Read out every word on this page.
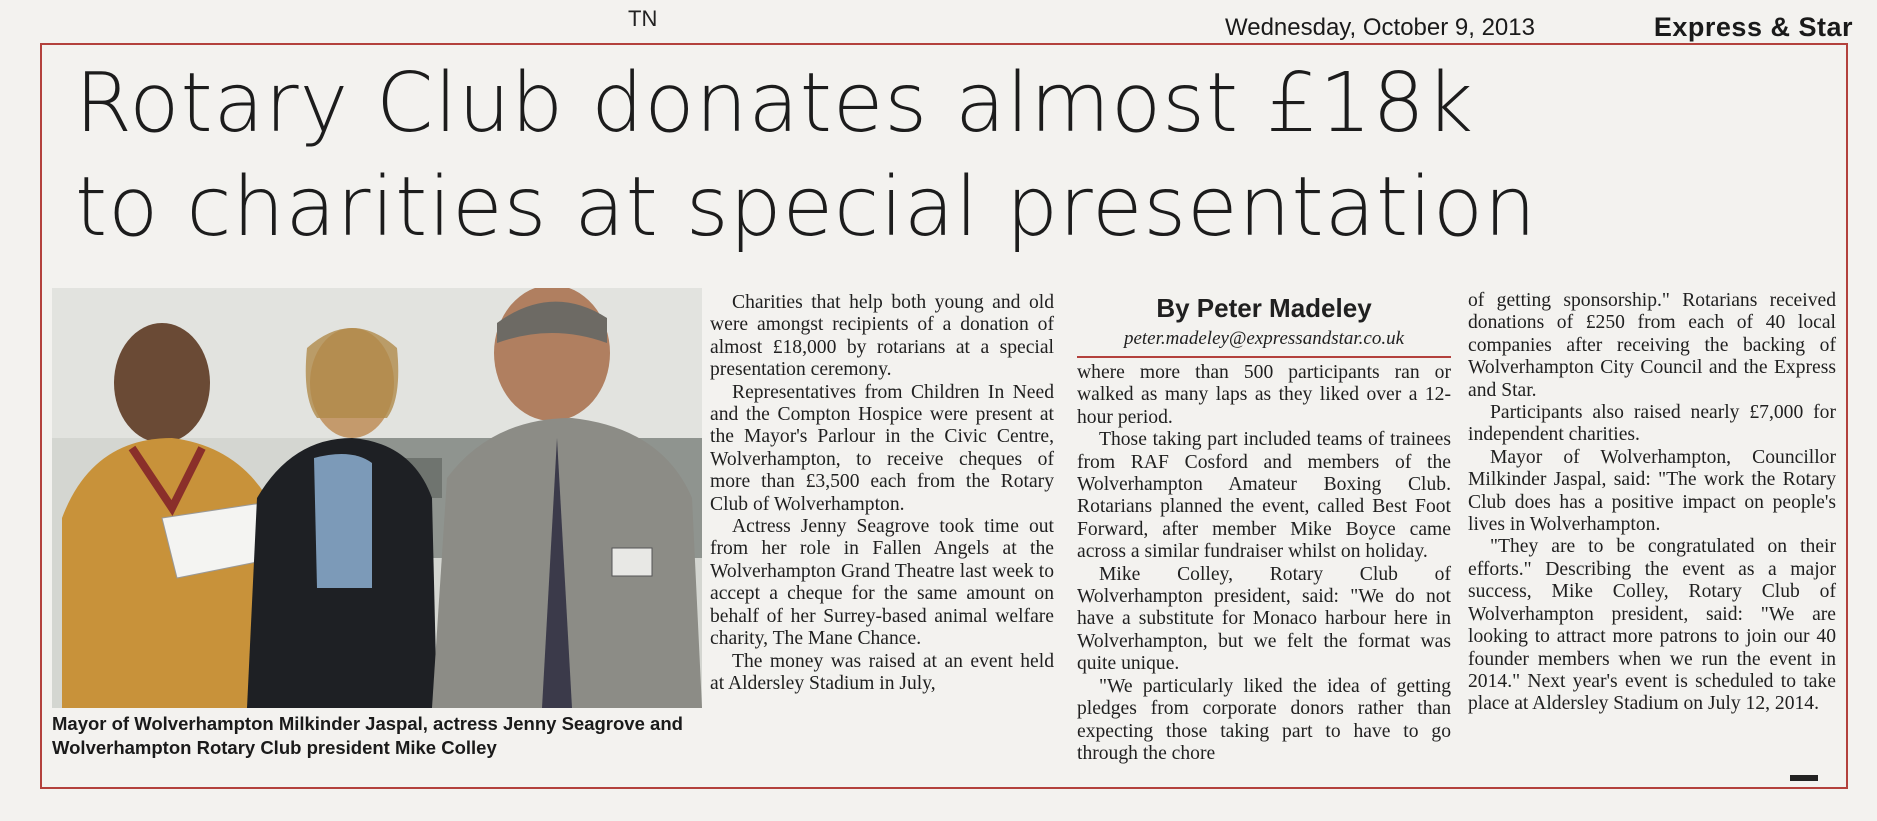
TN	Wednesday, October 9, 2013	Express & Star
Rotary Club donates almost £18k
to charities at special presentation
Mayor of Wolverhampton Milkinder Jaspal, actress Jenny Seagrove and Wolverhampton Rotary Club president Mike Colley

Charities that help both young and old were amongst recipients of a donation of almost £18,000 by rotarians at a special presentation ceremony.

Representatives from Children In Need and the Compton Hospice were present at the Mayor's Parlour in the Civic Centre, Wolverhampton, to receive cheques of more than £3,500 each from the Rotary Club of Wolverhampton.

Actress Jenny Seagrove took time out from her role in Fallen Angels at the Wolverhampton Grand Theatre last week to accept a cheque for the same amount on behalf of her Surrey-based animal welfare charity, The Mane Chance.

The money was raised at an event held at Aldersley Stadium in July,

By Peter Madeley
peter.madeley@expressandstar.co.uk

where more than 500 participants ran or walked as many laps as they liked over a 12-hour period.

Those taking part included teams of trainees from RAF Cosford and members of the Wolverhampton Amateur Boxing Club. Rotarians planned the event, called Best Foot Forward, after member Mike Boyce came across a similar fundraiser whilst on holiday.

Mike Colley, Rotary Club of Wolverhampton president, said: "We do not have a substitute for Monaco harbour here in Wolverhampton, but we felt the format was quite unique.

"We particularly liked the idea of getting pledges from corporate donors rather than expecting those taking part to have to go through the chore

of getting sponsorship." Rotarians received donations of £250 from each of 40 local companies after receiving the backing of Wolverhampton City Council and the Express and Star.

Participants also raised nearly £7,000 for independent charities.

Mayor of Wolverhampton, Councillor Milkinder Jaspal, said: "The work the Rotary Club does has a positive impact on people's lives in Wolverhampton.

"They are to be congratulated on their efforts." Describing the event as a major success, Mike Colley, Rotary Club of Wolverhampton president, said: "We are looking to attract more patrons to join our 40 founder members when we run the event in 2014." Next year's event is scheduled to take place at Aldersley Stadium on July 12, 2014.
